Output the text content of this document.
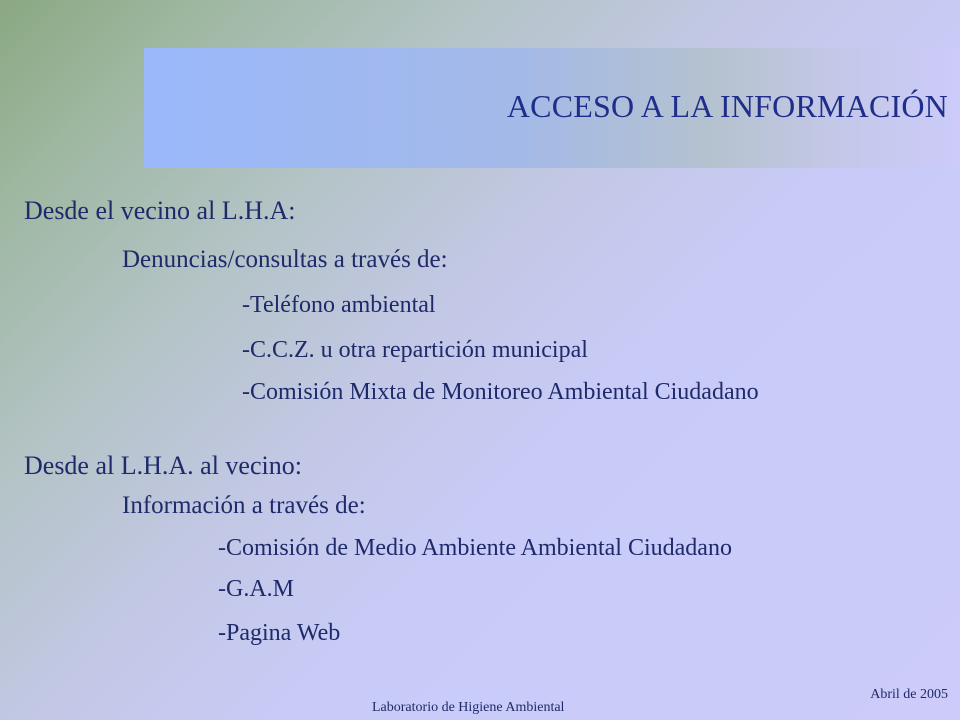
ACCESO A LA INFORMACIÓN
Desde el vecino al L.H.A:
Denuncias/consultas a través de:
-Teléfono ambiental
-C.C.Z. u otra repartición municipal
-Comisión Mixta de Monitoreo Ambiental Ciudadano
Desde al L.H.A. al vecino:
Información a través de:
-Comisión de Medio Ambiente Ambiental Ciudadano
-G.A.M
-Pagina Web
Laboratorio de Higiene Ambiental
Abril de 2005
